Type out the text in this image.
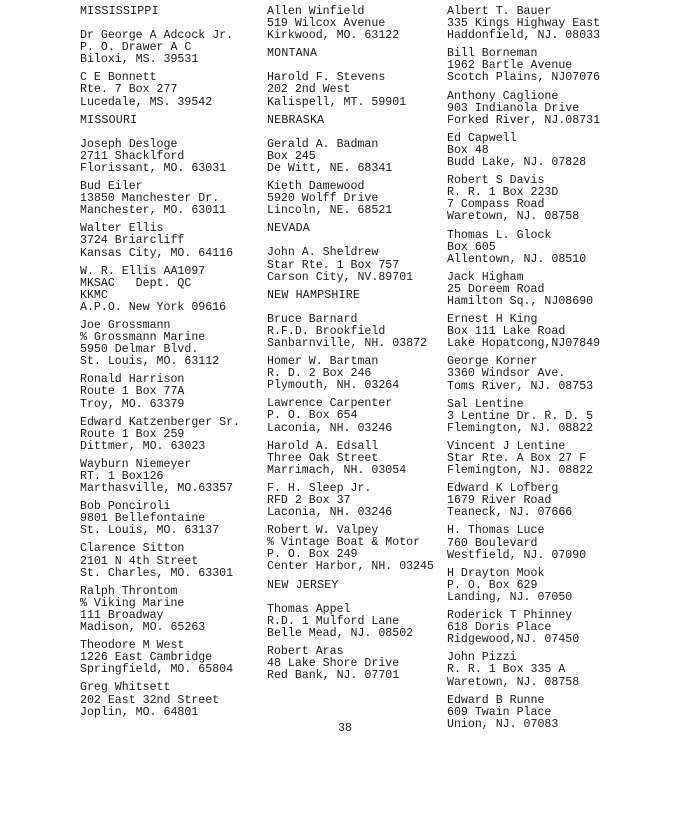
MISSISSIPPI
Dr George A Adcock Jr.
P. O. Drawer A C
Biloxi, MS. 39531
C E Bonnett
Rte. 7 Box 277
Lucedale, MS. 39542
MISSOURI
Joseph Desloge
2711 Shacklford
Florissant, MO. 63031
Bud Eiler
13850 Manchester Dr.
Manchester, MO. 63011
Walter Ellis
3724 Briarcliff
Kansas City, MO. 64116
W. R. Ellis AA1097
MKSAC   Dept. QC
KKMC
A.P.O. New York 09616
Joe Grossmann
% Grossmann Marine
5950 Delmar Blvd.
St. Louis, MO. 63112
Ronald Harrison
Route 1 Box 77A
Troy, MO. 63379
Edward Katzenberger Sr.
Route 1 Box 259
Dittmer, MO. 63023
Wayburn Niemeyer
RT. 1 Box126
Marthasville, MO.63357
Bob Ponciroli
9801 Bellefontaine
St. Louis, MO. 63137
Clarence Sitton
2101 N 4th Street
St. Charles, MO. 63301
Ralph Throntom
% Viking Marine
111 Broadway
Madison, MO. 65263
Theodore M West
1226 East Cambridge
Springfield, MO. 65804
Greg Whitsett
202 East 32nd Street
Joplin, MO. 64801
Allen Winfield
519 Wilcox Avenue
Kirkwood, MO. 63122
MONTANA
Harold F. Stevens
202 2nd West
Kalispell, MT. 59901
NEBRASKA
Gerald A. Badman
Box 245
De Witt, NE. 68341
Kieth Damewood
5920 Wolff Drive
Lincoln, NE. 68521
NEVADA
John A. Sheldrew
Star Rte. 1 Box 757
Carson City, NV.89701
NEW HAMPSHIRE
Bruce Barnard
R.F.D. Brookfield
Sanbarnville, NH. 03872
Homer W. Bartman
R. D. 2 Box 246
Plymouth, NH. 03264
Lawrence Carpenter
P. O. Box 654
Laconia, NH. 03246
Harold A. Edsall
Three Oak Street
Marrimach, NH. 03054
F. H. Sleep Jr.
RFD 2 Box 37
Laconia, NH. 03246
Robert W. Valpey
% Vintage Boat & Motor
P. O. Box 249
Center Harbor, NH. 03245
NEW JERSEY
Thomas Appel
R.D. 1 Mulford Lane
Belle Mead, NJ. 08502
Robert Aras
48 Lake Shore Drive
Red Bank, NJ. 07701
Albert T. Bauer
335 Kings Highway East
Haddonfield, NJ. 08033
Bill Borneman
1962 Bartle Avenue
Scotch Plains, NJ07076
Anthony Caglione
903 Indianola Drive
Forked River, NJ.08731
Ed Capwell
Box 48
Budd Lake, NJ. 07828
Robert S Davis
R. R. 1 Box 223D
7 Compass Road
Waretown, NJ. 08758
Thomas L. Glock
Box 605
Allentown, NJ. 08510
Jack Higham
25 Doreem Road
Hamilton Sq., NJ08690
Ernest H King
Box 111 Lake Road
Lake Hopatcong,NJ07849
George Korner
3360 Windsor Ave.
Toms River, NJ. 08753
Sal Lentine
3 Lentine Dr. R. D. 5
Flemington, NJ. 08822
Vincent J Lentine
Star Rte. A Box 27 F
Flemington, NJ. 08822
Edward K Lofberg
1679 River Road
Teaneck, NJ. 07666
H. Thomas Luce
760 Boulevard
Westfield, NJ. 07090
H Drayton Mook
P. O. Box 629
Landing, NJ. 07050
Roderick T Phinney
618 Doris Place
Ridgewood,NJ. 07450
John Pizzi
R. R. 1 Box 335 A
Waretown, NJ. 08758
Edward B Runne
609 Twain Place
Union, NJ. 07083
38
